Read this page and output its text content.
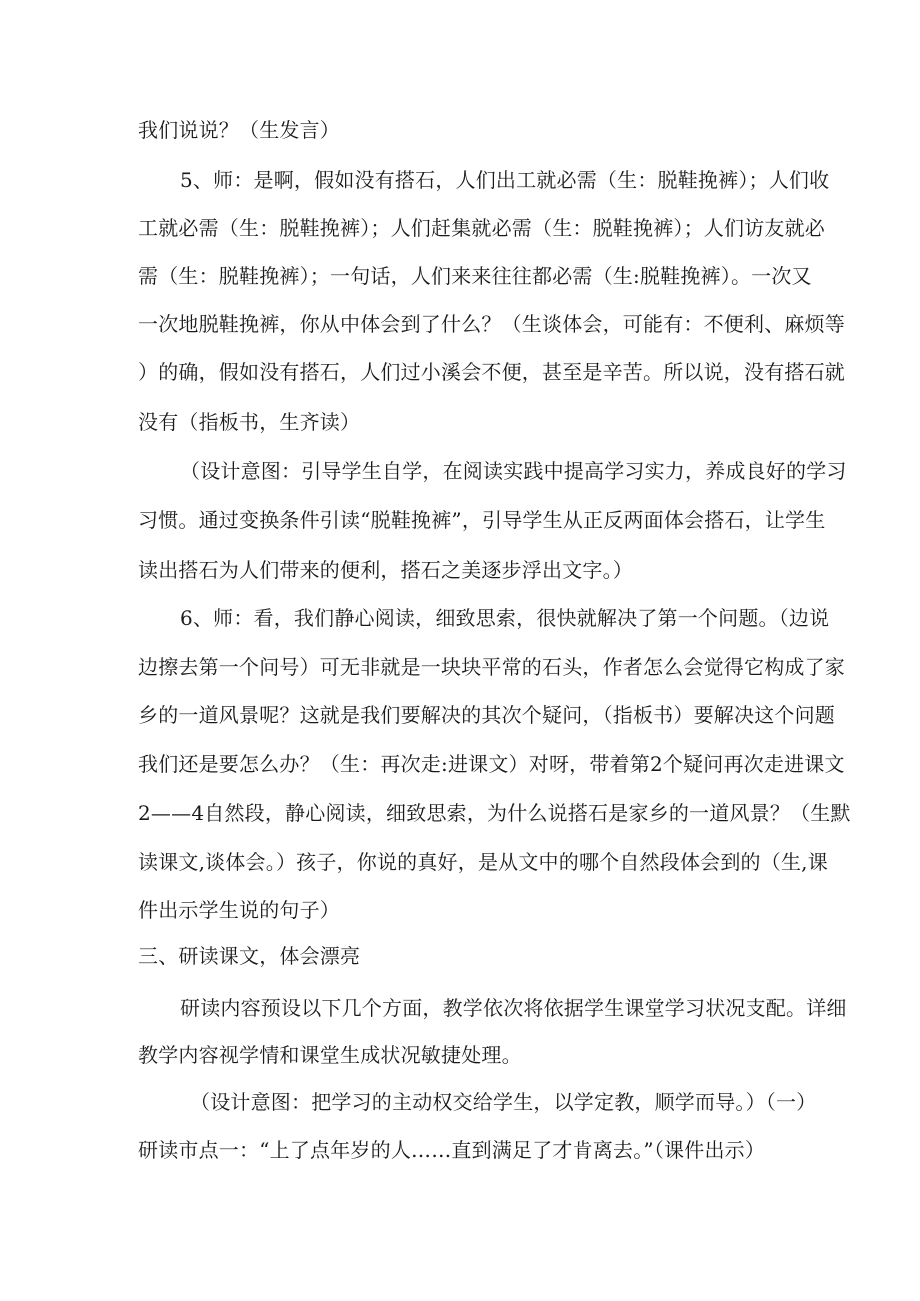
我们说说？（生发言）
5、师：是啊，假如没有搭石，人们出工就必需（生：脱鞋挽裤）；人们收
工就必需（生：脱鞋挽裤）；人们赶集就必需（生：脱鞋挽裤）；人们访友就必
需（生：脱鞋挽裤）；一句话，人们来来往往都必需（生:脱鞋挽裤）。一次又
一次地脱鞋挽裤，你从中体会到了什么？（生谈体会，可能有：不便利、麻烦等
）的确，假如没有搭石，人们过小溪会不便，甚至是辛苦。所以说，没有搭石就
没有（指板书，生齐读）
（设计意图：引导学生自学，在阅读实践中提高学习实力，养成良好的学习
习惯。通过变换条件引读“脱鞋挽裤”，引导学生从正反两面体会搭石，让学生
读出搭石为人们带来的便利，搭石之美逐步浮出文字。）
6、师：看，我们静心阅读，细致思索，很快就解决了第一个问题。（边说
边擦去第一个问号）可无非就是一块块平常的石头，作者怎么会觉得它构成了家
乡的一道风景呢？这就是我们要解决的其次个疑问，（指板书）要解决这个问题
我们还是要怎么办？（生：再次走:进课文）对呀，带着第2个疑问再次走进课文
2——4自然段，静心阅读，细致思索，为什么说搭石是家乡的一道风景？（生默
读课文,谈体会。）孩子，你说的真好，是从文中的哪个自然段体会到的（生,课
件出示学生说的句子）
三、研读课文，体会漂亮
研读内容预设以下几个方面，教学依次将依据学生课堂学习状况支配。详细
教学内容视学情和课堂生成状况敏捷处理。
（设计意图：把学习的主动权交给学生，以学定教，顺学而导。）（一）
研读市点一：“上了点年岁的人……直到满足了才肯离去。”（课件出示）
